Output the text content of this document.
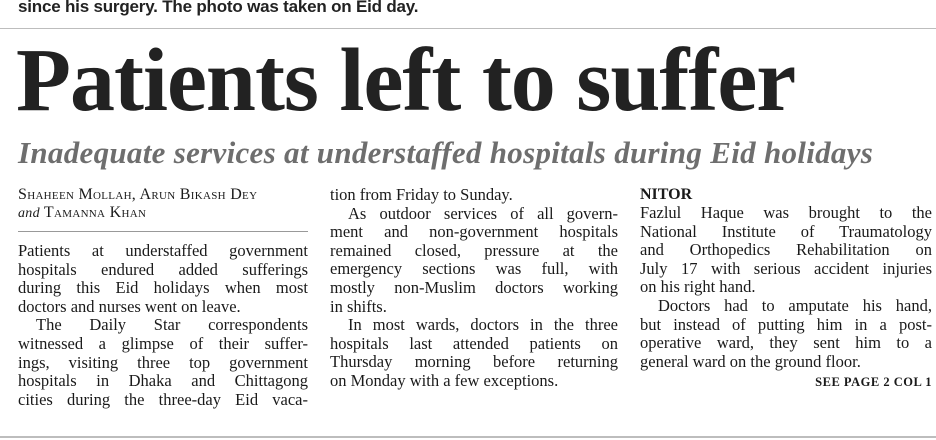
since his surgery. The photo was taken on Eid day.
Patients left to suffer
Inadequate services at understaffed hospitals during Eid holidays
Shaheen Mollah, Arun Bikash Dey
and Tamanna Khan
Patients at understaffed government
hospitals endured added sufferings
during this Eid holidays when most
doctors and nurses went on leave.
The Daily Star correspondents
witnessed a glimpse of their suffer-
ings, visiting three top government
hospitals in Dhaka and Chittagong
cities during the three-day Eid vaca-
tion from Friday to Sunday.
As outdoor services of all govern-
ment and non-government hospitals
remained closed, pressure at the
emergency sections was full, with
mostly non-Muslim doctors working
in shifts.
In most wards, doctors in the three
hospitals last attended patients on
Thursday morning before returning
on Monday with a few exceptions.
NITOR
Fazlul Haque was brought to the
National Institute of Traumatology
and Orthopedics Rehabilitation on
July 17 with serious accident injuries
on his right hand.
Doctors had to amputate his hand,
but instead of putting him in a post-
operative ward, they sent him to a
general ward on the ground floor.
SEE PAGE 2 COL 1
